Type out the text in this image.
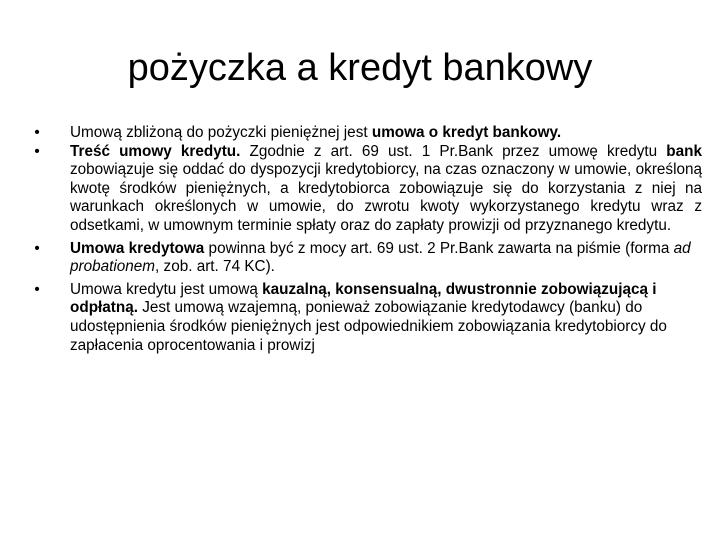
pożyczka a kredyt bankowy
• Umową zbliżoną do pożyczki pieniężnej jest umowa o kredyt bankowy.
• Treść umowy kredytu. Zgodnie z art. 69 ust. 1 Pr.Bank przez umowę kredytu bank zobowiązuje się oddać do dyspozycji kredytobiorcy, na czas oznaczony w umowie, określoną kwotę środków pieniężnych, a kredytobiorca zobowiązuje się do korzystania z niej na warunkach określonych w umowie, do zwrotu kwoty wykorzystanego kredytu wraz z odsetkami, w umownym terminie spłaty oraz do zapłaty prowizji od przyznanego kredytu.
• Umowa kredytowa powinna być z mocy art. 69 ust. 2 Pr.Bank zawarta na piśmie (forma ad probationem, zob. art. 74 KC).
• Umowa kredytu jest umową kauzalną, konsensualną, dwustronnie zobowiązującą i odpłatną. Jest umową wzajemną, ponieważ zobowiązanie kredytodawcy (banku) do udostępnienia środków pieniężnych jest odpowiednikiem zobowiązania kredytobiorcy do zapłacenia oprocentowania i prowizj
